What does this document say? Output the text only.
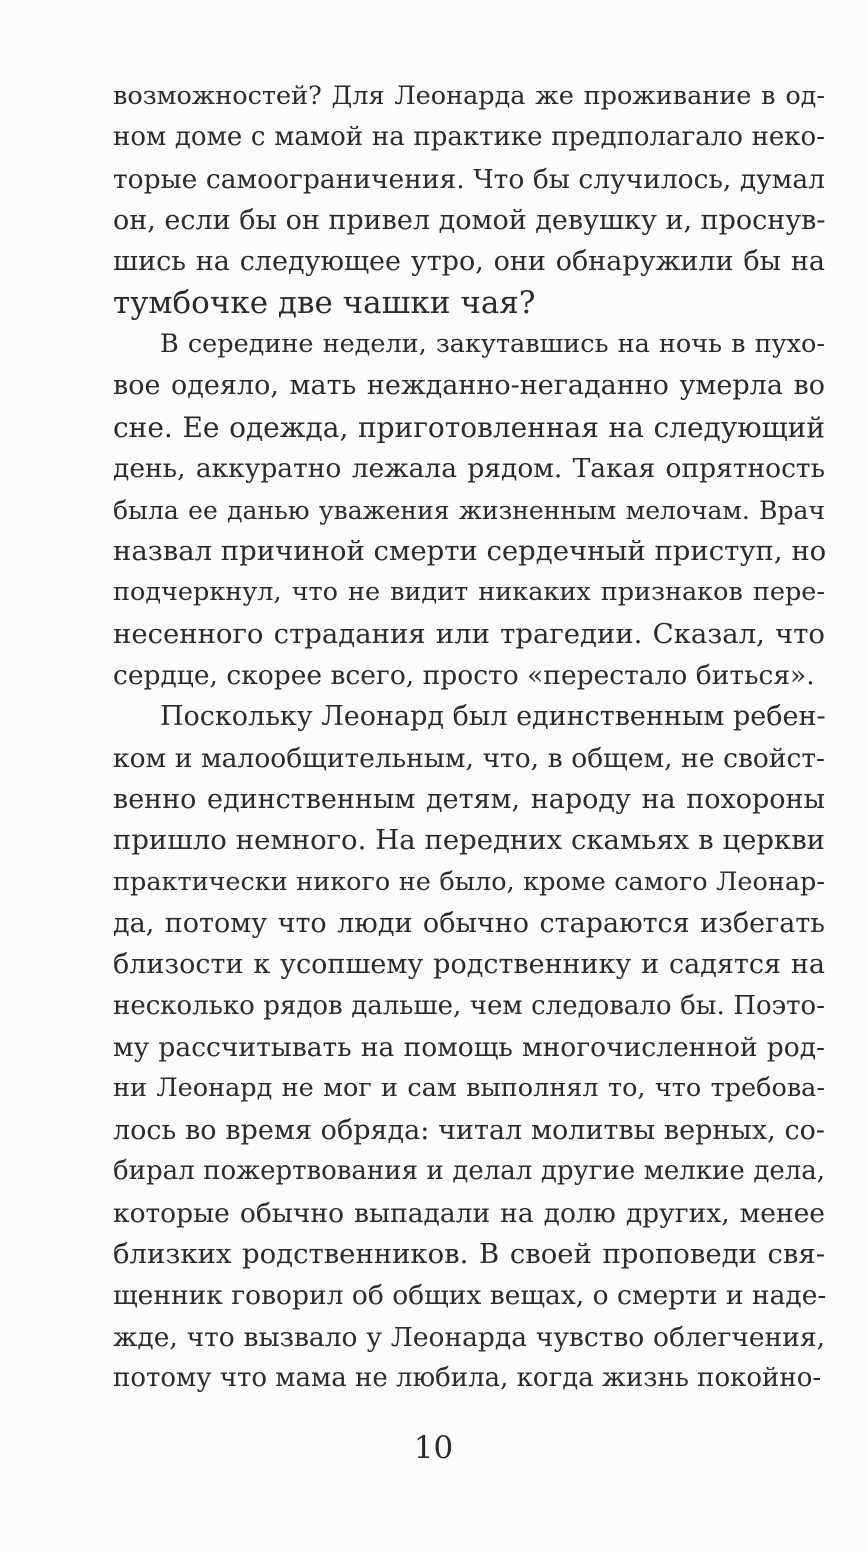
возможностей? Для Леонарда же проживание в од-
ном доме с мамой на практике предполагало неко-
торые самоограничения. Что бы случилось, думал
он, если бы он привел домой девушку и, проснув-
шись на следующее утро, они обнаружили бы на
тумбочке две чашки чая?
В середине недели, закутавшись на ночь в пухо-
вое одеяло, мать нежданно-негаданно умерла во
сне. Ее одежда, приготовленная на следующий
день, аккуратно лежала рядом. Такая опрятность
была ее данью уважения жизненным мелочам. Врач
назвал причиной смерти сердечный приступ, но
подчеркнул, что не видит никаких признаков пере-
несенного страдания или трагедии. Сказал, что
сердце, скорее всего, просто «перестало биться».
Поскольку Леонард был единственным ребен-
ком и малообщительным, что, в общем, не свойст-
венно единственным детям, народу на похороны
пришло немного. На передних скамьях в церкви
практически никого не было, кроме самого Леонар-
да, потому что люди обычно стараются избегать
близости к усопшему родственнику и садятся на
несколько рядов дальше, чем следовало бы. Поэто-
му рассчитывать на помощь многочисленной род-
ни Леонард не мог и сам выполнял то, что требова-
лось во время обряда: читал молитвы верных, со-
бирал пожертвования и делал другие мелкие дела,
которые обычно выпадали на долю других, менее
близких родственников. В своей проповеди свя-
щенник говорил об общих вещах, о смерти и наде-
жде, что вызвало у Леонарда чувство облегчения,
потому что мама не любила, когда жизнь покойно-
10
